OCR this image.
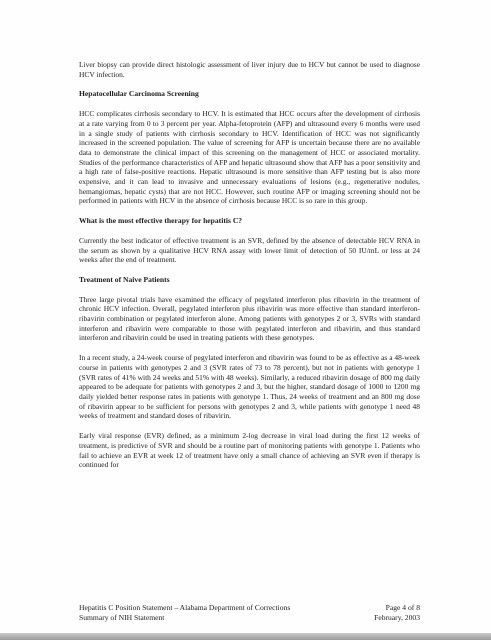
Liver biopsy can provide direct histologic assessment of liver injury due to HCV but cannot be used to diagnose HCV infection.

Hepatocellular Carcinoma Screening

HCC complicates cirrhosis secondary to HCV. It is estimated that HCC occurs after the development of cirrhosis at a rate varying from 0 to 3 percent per year. Alpha-fetoprotein (AFP) and ultrasound every 6 months were used in a single study of patients with cirrhosis secondary to HCV. Identification of HCC was not significantly increased in the screened population. The value of screening for AFP is uncertain because there are no available data to demonstrate the clinical impact of this screening on the management of HCC or associated mortality. Studies of the performance characteristics of AFP and hepatic ultrasound show that AFP has a poor sensitivity and a high rate of false-positive reactions. Hepatic ultrasound is more sensitive than AFP testing but is also more expensive, and it can lead to invasive and unnecessary evaluations of lesions (e.g., regenerative nodules, hemangiomas, hepatic cysts) that are not HCC. However, such routine AFP or imaging screening should not be performed in patients with HCV in the absence of cirrhosis because HCC is so rare in this group.

What is the most effective therapy for hepatitis C?

Currently the best indicator of effective treatment is an SVR, defined by the absence of detectable HCV RNA in the serum as shown by a qualitative HCV RNA assay with lower limit of detection of 50 IU/mL or less at 24 weeks after the end of treatment.

Treatment of Naive Patients

Three large pivotal trials have examined the efficacy of pegylated interferon plus ribavirin in the treatment of chronic HCV infection. Overall, pegylated interferon plus ribavirin was more effective than standard interferon-ribavirin combination or pegylated interferon alone. Among patients with genotypes 2 or 3, SVRs with standard interferon and ribavirin were comparable to those with pegylated interferon and ribavirin, and thus standard interferon and ribavirin could be used in treating patients with these genotypes.

In a recent study, a 24-week course of pegylated interferon and ribavirin was found to be as effective as a 48-week course in patients with genotypes 2 and 3 (SVR rates of 73 to 78 percent), but not in patients with genotype 1 (SVR rates of 41% with 24 weeks and 51% with 48 weeks). Similarly, a reduced ribavirin dosage of 800 mg daily appeared to be adequate for patients with genotypes 2 and 3, but the higher, standard dosage of 1000 to 1200 mg daily yielded better response rates in patients with genotype 1. Thus, 24 weeks of treatment and an 800 mg dose of ribavirin appear to be sufficient for persons with genotypes 2 and 3, while patients with genotype 1 need 48 weeks of treatment and standard doses of ribavirin.

Early viral response (EVR) defined, as a minimum 2-log decrease in viral load during the first 12 weeks of treatment, is predictive of SVR and should be a routine part of monitoring patients with genotype 1. Patients who fail to achieve an EVR at week 12 of treatment have only a small chance of achieving an SVR even if therapy is continued for

Hepatitis C Position Statement – Alabama Department of Corrections
Summary of NIH Statement
Page 4 of 8
February, 2003
